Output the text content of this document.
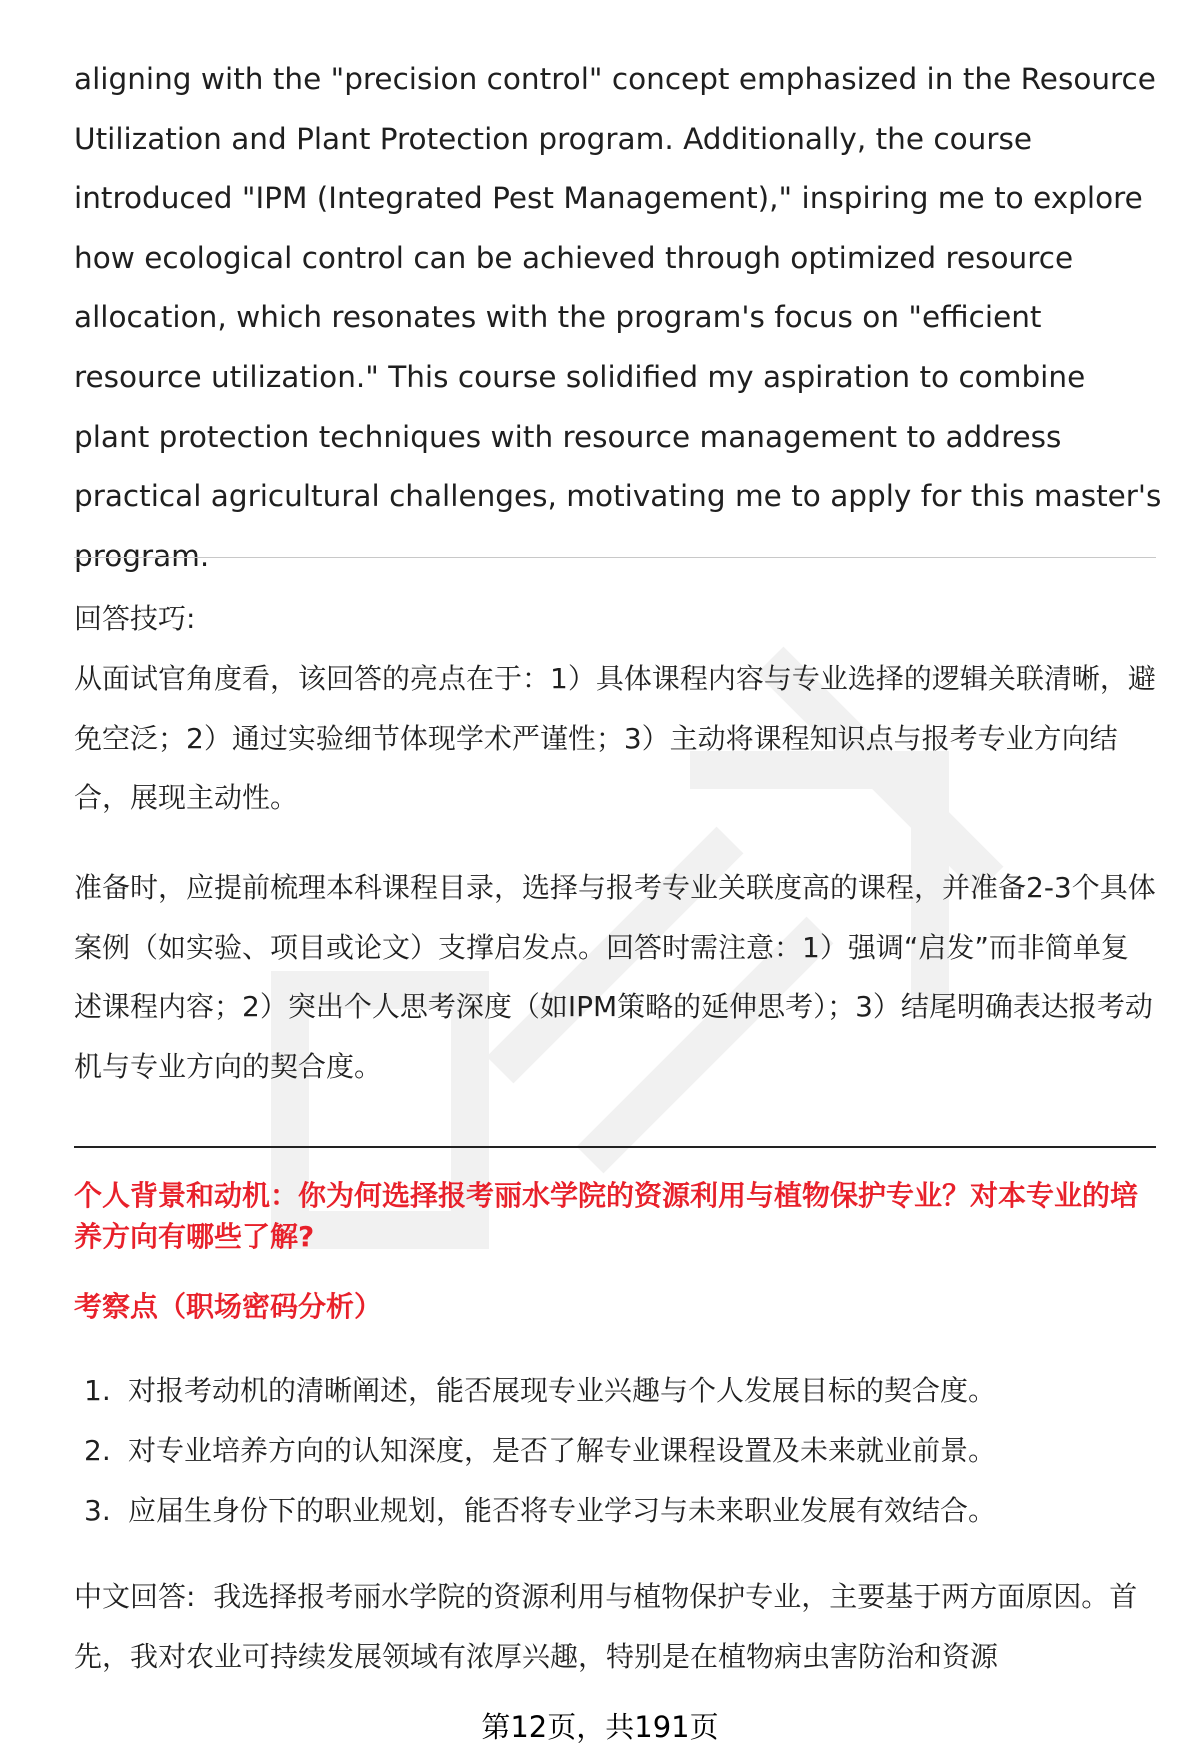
aligning with the "precision control" concept emphasized in the Resource Utilization and Plant Protection program. Additionally, the course introduced "IPM (Integrated Pest Management)," inspiring me to explore how ecological control can be achieved through optimized resource allocation, which resonates with the program's focus on "efficient resource utilization." This course solidified my aspiration to combine plant protection techniques with resource management to address practical agricultural challenges, motivating me to apply for this master's program.

回答技巧:

从面试官角度看，该回答的亮点在于：1）具体课程内容与专业选择的逻辑关联清晰，避免空泛；2）通过实验细节体现学术严谨性；3）主动将课程知识点与报考专业方向结合，展现主动性。

准备时，应提前梳理本科课程目录，选择与报考专业关联度高的课程，并准备2-3个具体案例（如实验、项目或论文）支撑启发点。回答时需注意：1）强调“启发”而非简单复述课程内容；2）突出个人思考深度（如IPM策略的延伸思考）；3）结尾明确表达报考动机与专业方向的契合度。

个人背景和动机：你为何选择报考丽水学院的资源利用与植物保护专业？对本专业的培养方向有哪些了解?

考察点（职场密码分析）

1. 对报考动机的清晰阐述，能否展现专业兴趣与个人发展目标的契合度。
2. 对专业培养方向的认知深度，是否了解专业课程设置及未来就业前景。
3. 应届生身份下的职业规划，能否将专业学习与未来职业发展有效结合。

中文回答: 我选择报考丽水学院的资源利用与植物保护专业，主要基于两方面原因。首先，我对农业可持续发展领域有浓厚兴趣，特别是在植物病虫害防治和资源

第12页，共191页
